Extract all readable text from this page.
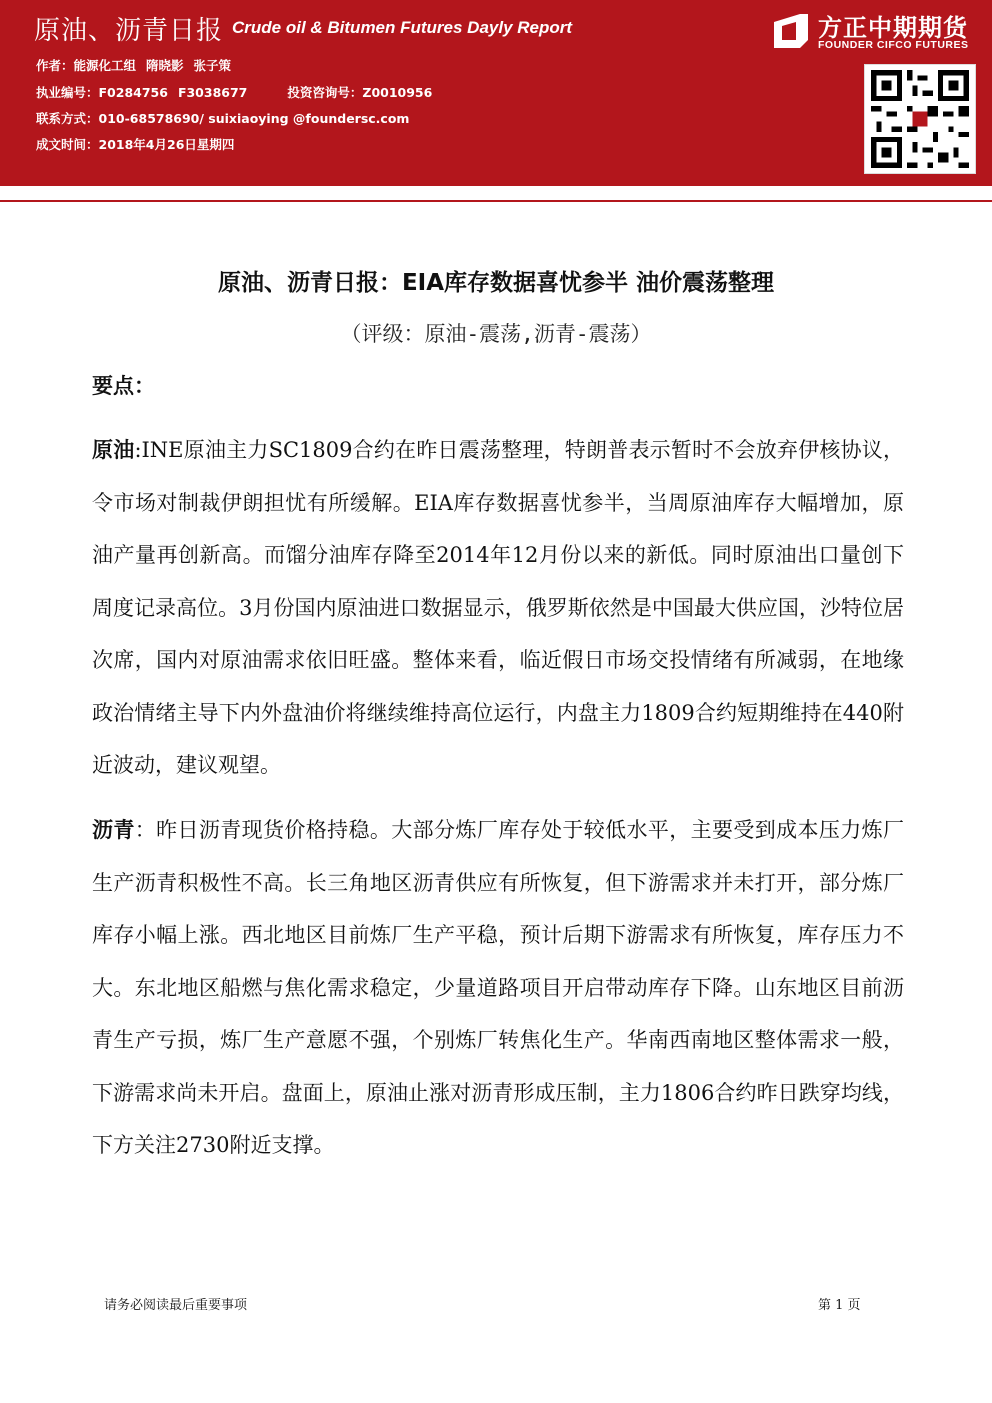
原油、沥青日报 Crude oil & Bitumen Futures Dayly Report
作者：能源化工组 隋晓影 张子策
执业编号：F0284756 F3038677	投资咨询号：Z0010956
联系方式：010-68578690/ suixiaoying @foundersc.com
成文时间：2018年4月26日星期四
方正中期期货
FOUNDER CIFCO FUTURES
原油、沥青日报：EIA库存数据喜忧参半 油价震荡整理
（评级：原油-震荡,沥青-震荡）
要点：
原油:INE原油主力SC1809合约在昨日震荡整理，特朗普表示暂时不会放弃伊核协议，令市场对制裁伊朗担忧有所缓解。EIA库存数据喜忧参半，当周原油库存大幅增加，原油产量再创新高。而馏分油库存降至2014年12月份以来的新低。同时原油出口量创下周度记录高位。3月份国内原油进口数据显示，俄罗斯依然是中国最大供应国，沙特位居次席，国内对原油需求依旧旺盛。整体来看，临近假日市场交投情绪有所减弱，在地缘政治情绪主导下内外盘油价将继续维持高位运行，内盘主力1809合约短期维持在440附近波动，建议观望。
沥青：昨日沥青现货价格持稳。大部分炼厂库存处于较低水平，主要受到成本压力炼厂生产沥青积极性不高。长三角地区沥青供应有所恢复，但下游需求并未打开，部分炼厂库存小幅上涨。西北地区目前炼厂生产平稳，预计后期下游需求有所恢复，库存压力不大。东北地区船燃与焦化需求稳定，少量道路项目开启带动库存下降。山东地区目前沥青生产亏损，炼厂生产意愿不强，个别炼厂转焦化生产。华南西南地区整体需求一般，下游需求尚未开启。盘面上，原油止涨对沥青形成压制，主力1806合约昨日跌穿均线，下方关注2730附近支撑。
请务必阅读最后重要事项	第 1 页
